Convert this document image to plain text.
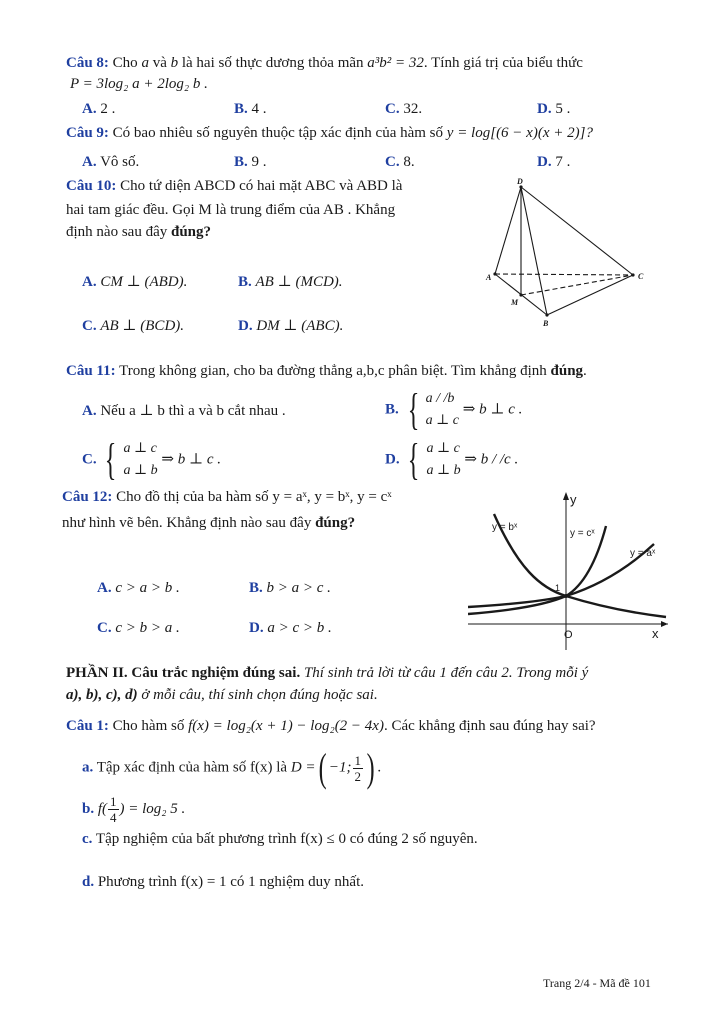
Câu 8: Cho a và b là hai số thực dương thỏa mãn a³b² = 32. Tính giá trị của biểu thức
P = 3log₂ a + 2log₂ b .
A. 2 .	B. 4 .	C. 32.	D. 5 .
Câu 9: Có bao nhiêu số nguyên thuộc tập xác định của hàm số y = log[(6 − x)(x + 2)]?
A. Vô số.	B. 9 .	C. 8.	D. 7 .
Câu 10: Cho tứ diện ABCD có hai mặt ABC và ABD là
hai tam giác đều. Gọi M là trung điểm của AB . Khẳng
định nào sau đây đúng?
A. CM ⊥ (ABD).	B. AB ⊥ (MCD).
C. AB ⊥ (BCD).	D. DM ⊥ (ABC).
D
A	C
M
B
Câu 11: Trong không gian, cho ba đường thẳng a,b,c phân biệt. Tìm khẳng định đúng.
A. Nếu a ⊥ b thì a và b cắt nhau .	B. { a / /b
a ⊥ c
⇒ b ⊥ c .
C. { a ⊥ c
a ⊥ b
⇒ b ⊥ c .	D. { a ⊥ c
a ⊥ b
⇒ b / /c .
Câu 12: Cho đồ thị của ba hàm số y = aˣ, y = bˣ, y = cˣ
như hình vẽ bên. Khẳng định nào sau đây đúng?
A. c > a > b .	B. b > a > c .
C. c > b > a .	D. a > c > b .
y
x
O
1
y = bˣ
y = cˣ
y = aˣ
PHẦN II. Câu trắc nghiệm đúng sai. Thí sinh trả lời từ câu 1 đến câu 2. Trong mỗi ý
a), b), c), d) ở mỗi câu, thí sinh chọn đúng hoặc sai.
Câu 1: Cho hàm số f(x) = log₂(x + 1) − log₂(2 − 4x). Các khẳng định sau đúng hay sai?
a. Tập xác định của hàm số f(x) là D =( −1; $\frac{1}{2}$ ) .
b. $f( \frac{1}{4}$ ) = log₂ 5 .
c. Tập nghiệm của bất phương trình f(x) ≤ 0 có đúng 2 số nguyên.
d. Phương trình f(x) = 1 có 1 nghiệm duy nhất.
Trang 2/4 - Mã đề 101
